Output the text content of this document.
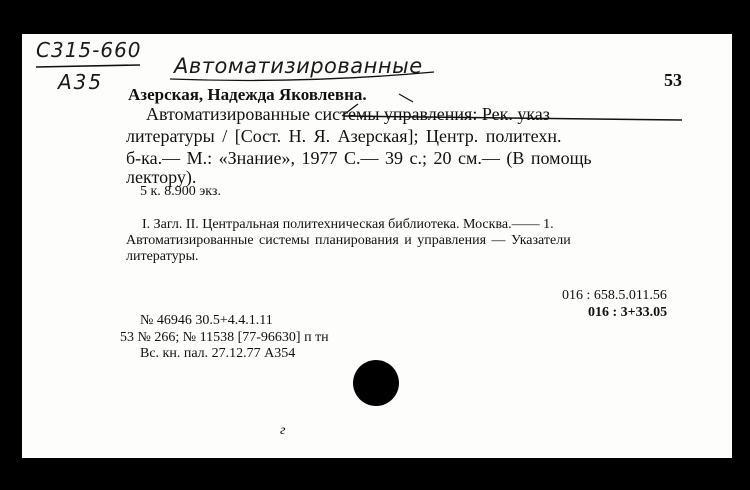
C315-660
A35
Автоматизированные
53
Азерская, Надежда Яковлевна.
Автоматизированные системы управления: Рек. указ
литературы / [Сост. Н. Я. Азерская]; Центр. политехн.
б-ка.— М.: «Знание», 1977 С.— 39 с.; 20 см.— (В помощь
лектору).
5 к. 8.900 экз.
I. Загл. II. Центральная политехническая библиотека. Москва.—— 1.
Автоматизированные системы планирования и управления — Указатели
литературы.
016 : 658.5.011.56
016 : 3+33.05
№ 46946 30.5+4.4.1.11
53 № 266; № 11538 [77-96630] п тн
Вс. кн. пал. 27.12.77 А354
г
